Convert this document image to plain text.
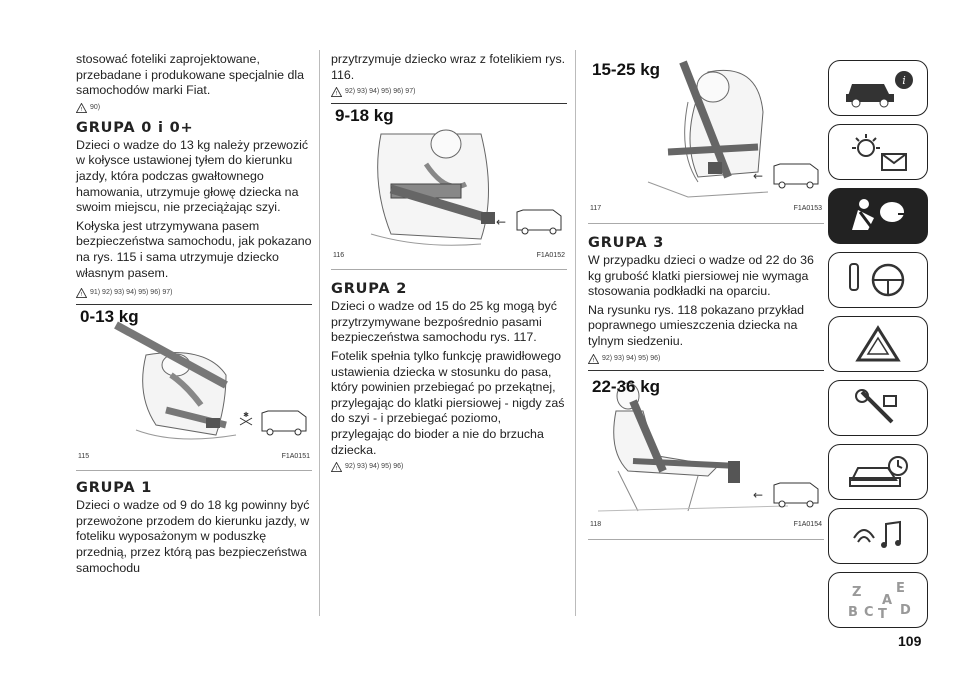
stosować foteliki zaprojektowane, przebadane i produkowane specjalnie dla samochodów marki Fiat.

! 90)
GRUPA 0 i 0+

Dzieci o wadze do 13 kg należy przewozić w kołysce ustawionej tyłem do kierunku jazdy, która podczas gwałtownego hamowania, utrzymuje głowę dziecka na swoim miejscu, nie przeciążając szyi.

Kołyska jest utrzymywana pasem bezpieczeństwa samochodu, jak pokazano na rys. 115 i sama utrzymuje dziecko własnym pasem.

! 91) 92) 93) 94) 95) 96) 97)
✱
0-13 kg
115	F1A0151
GRUPA 1

Dzieci o wadze od 9 do 18 kg powinny być przewożone przodem do kierunku jazdy, w foteliku wyposażonym w poduszkę przednią, przez którą pas bezpieczeństwa samochodu

przytrzymuje dziecko wraz z fotelikiem rys. 116.

! 92) 93) 94) 95) 96) 97)
←
9-18 kg
116	F1A0152
GRUPA 2

Dzieci o wadze od 15 do 25 kg mogą być przytrzymywane bezpośrednio pasami bezpieczeństwa samochodu rys. 117.

Fotelik spełnia tylko funkcję prawidłowego ustawienia dziecka w stosunku do pasa, który powinien przebiegać po przekątnej, przylegając do klatki piersiowej - nigdy zaś do szyi - i przebiegać poziomo, przylegając do bioder a nie do brzucha dziecka.

! 92) 93) 94) 95) 96)
←
15-25 kg
117	F1A0153
GRUPA 3

W przypadku dzieci o wadze od 22 do 36 kg grubość klatki piersiowej nie wymaga stosowania podkładki na oparciu.

Na rysunku rys. 118 pokazano przykład poprawnego umieszczenia dziecka na tylnym siedzeniu.

! 92) 93) 94) 95) 96)
←
22-36 kg
118	F1A0154
i
Z	E
A
B C T D
109
